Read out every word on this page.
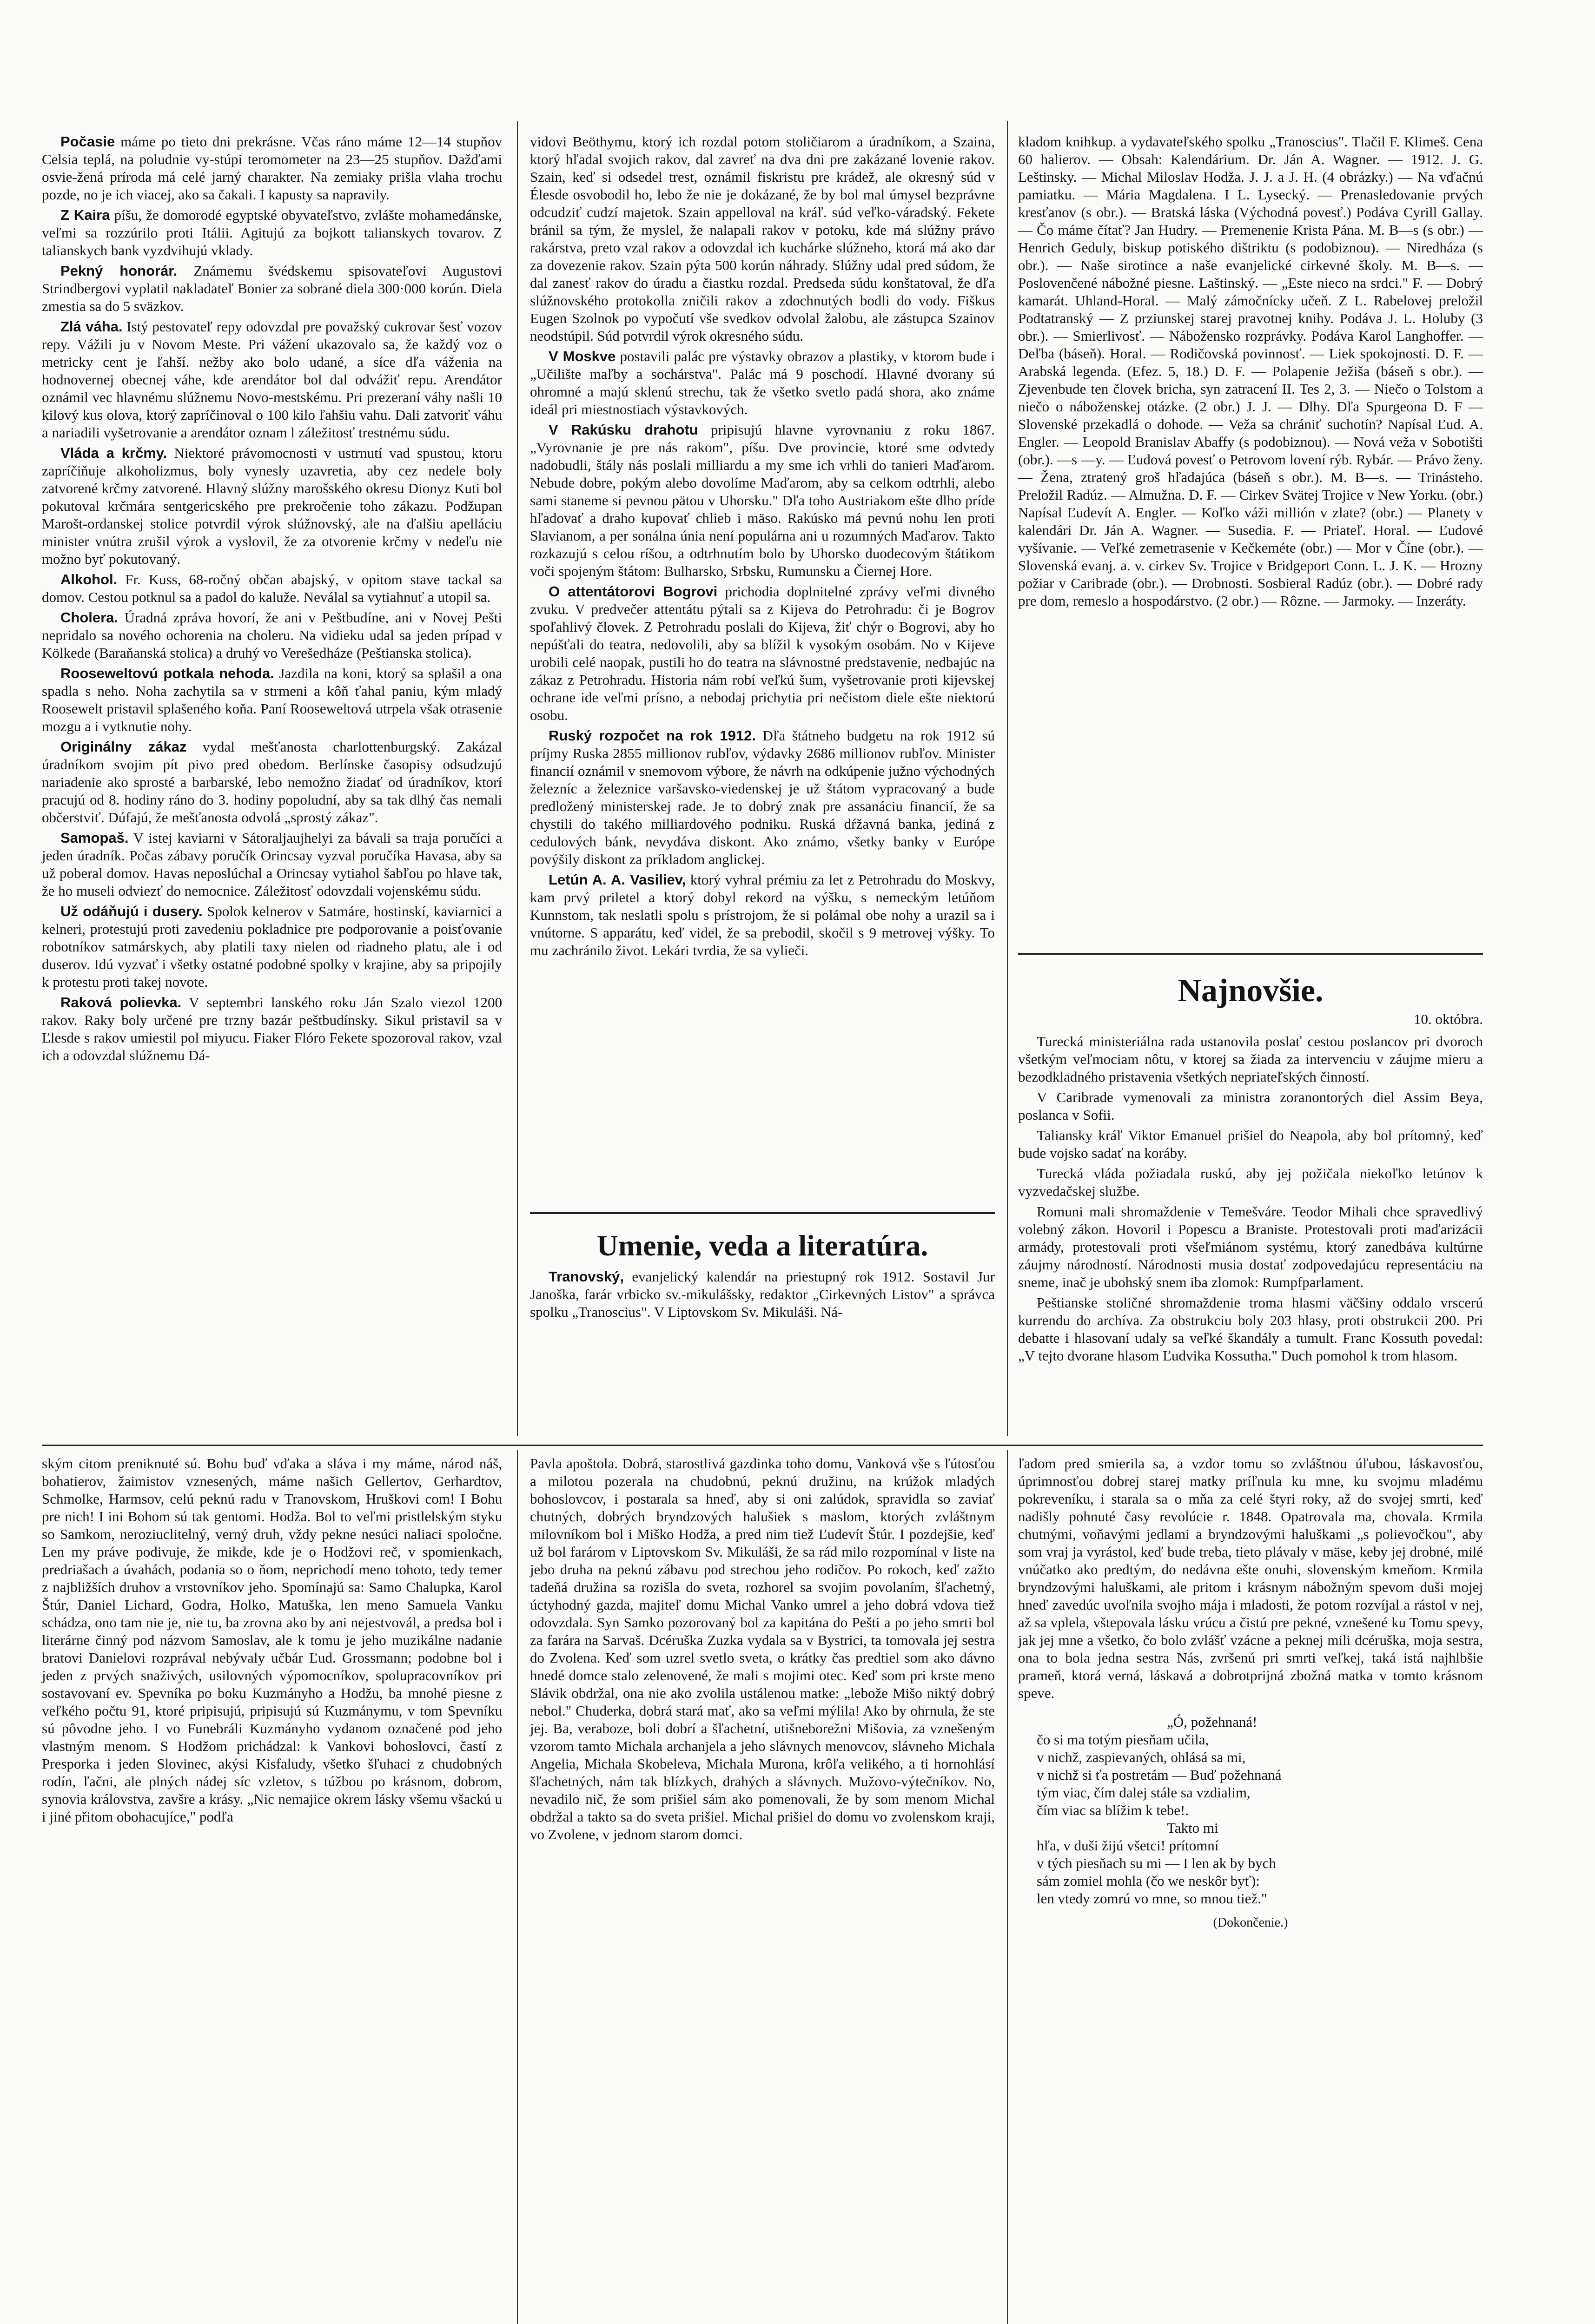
Počasie máme po tieto dni prekrásne. Včas ráno máme 12—14 stupňov Celsia teplá, na poludnie vy-stúpi teromometer na 23—25 stupňov. Dažďami osvie-žená príroda má celé jarný charakter. Na zemiaky prišla vlaha trochu pozde, no je ich viacej, ako sa čakali. I kapusty sa napravily.

Z Kaira píšu, že domorodé egyptské obyvateľstvo, zvlášte mohamedánske, veľmi sa rozzúrilo proti Itálii. Agitujú za bojkott talianskych tovarov. Z talianskych bank vyzdvihujú vklady.

Pekný honorár. Známemu švédskemu spisovateľovi Augustovi Strindbergovi vyplatil nakladateľ Bonier za sobrané diela 300·000 korún. Diela zmestia sa do 5 sväzkov.

Zlá váha. Istý pestovateľ repy odovzdal pre považský cukrovar šesť vozov repy. Vážili ju v Novom Meste. Pri vážení ukazovalo sa, že každý voz o metricky cent je ľahší. nežby ako bolo udané, a síce dľa váženia na hodnovernej obecnej váhe, kde arendátor bol dal odvážiť repu. Arendátor oznámil vec hlavnému slúžnemu Novo-mestskému. Pri prezeraní váhy našli 10 kilový kus olova, ktorý zapríčinoval o 100 kilo ľahšiu vahu. Dali zatvoriť váhu a nariadili vyšetrovanie a arendátor oznam l záležitosť trestnému súdu.

Vláda a krčmy. Niektoré právomocnosti v ustrnutí vad spustou, ktoru zapríčiňuje alkoholizmus, boly vynesly uzavretia, aby cez nedele boly zatvorené krčmy zatvorené. Hlavný slúžny marošského okresu Dionyz Kuti bol pokutoval krčmára sentgericského pre prekročenie toho zákazu. Podžupan Marošt-ordanskej stolice potvrdil výrok slúžnovský, ale na ďalšiu apelláciu minister vnútra zrušil výrok a vyslovil, že za otvorenie krčmy v nedeľu nie možno byť pokutovaný.

Alkohol. Fr. Kuss, 68-ročný občan abajský, v opitom stave tackal sa domov. Cestou potknul sa a padol do kaluže. Neválal sa vytiahnuť a utopil sa.

Cholera. Úradná zpráva hovorí, že ani v Peštbudíne, ani v Novej Pešti nepridalo sa nového ochorenia na choleru. Na vidieku udal sa jeden prípad v Kölkede (Baraňanská stolica) a druhý vo Verešedháze (Peštianska stolica).

Rooseweltovú potkala nehoda. Jazdila na koni, ktorý sa splašil a ona spadla s neho. Noha zachytila sa v strmeni a kôň ťahal paniu, kým mladý Roosewelt pristavil splašeného koňa. Paní Rooseweltová utrpela však otrasenie mozgu a i vytknutie nohy.

Originálny zákaz vydal mešťanosta charlottenburgský. Zakázal úradníkom svojim pít pivo pred obedom. Berlínske časopisy odsudzujú nariadenie ako sprosté a barbarské, lebo nemožno žiadať od úradníkov, ktorí pracujú od 8. hodiny ráno do 3. hodiny popoludní, aby sa tak dlhý čas nemali občerstviť. Dúfajú, že mešťanosta odvolá „sprostý zákaz".

Samopaš. V istej kaviarni v Sátoraljaujhelyi za bávali sa traja poručíci a jeden úradník. Počas zábavy poručík Orincsay vyzval poručíka Havasa, aby sa už poberal domov. Havas neposlúchal a Orincsay vytiahol šabľou po hlave tak, že ho museli odviezť do nemocnice. Záležitosť odovzdali vojenskému súdu.

Už odáňujú i dusery. Spolok kelnerov v Satmáre, hostinskí, kaviarnici a kelneri, protestujú proti zavedeniu pokladnice pre podporovanie a poisťovanie robotníkov satmárskych, aby platili taxy nielen od riadneho platu, ale i od duserov. Idú vyzvať i všetky ostatné podobné spolky v krajine, aby sa pripojily k protestu proti takej novote.

Raková polievka. V septembri lanského roku Ján Szalo viezol 1200 rakov. Raky boly určené pre trzny bazár peštbudínsky. Sikul pristavil sa v Ľlesde s rakov umiestil pol miyucu. Fiaker Flóro Fekete spozoroval rakov, vzal ich a odovzdal slúžnemu Dá-

vidovi Beöthymu, ktorý ich rozdal potom stoličiarom a úradníkom, a Szaina, ktorý hľadal svojich rakov, dal zavreť na dva dni pre zakázané lovenie rakov. Szain, keď si odsedel trest, oznámil fiskristu pre krádež, ale okresný súd v Élesde osvobodil ho, lebo že nie je dokázané, že by bol mal úmysel bezprávne odcudziť cudzí majetok. Szain appelloval na kráľ. súd veľko-váradský. Fekete bránil sa tým, že myslel, že nalapali rakov v potoku, kde má slúžny právo rakárstva, preto vzal rakov a odovzdal ich kuchárke slúžneho, ktorá má ako dar za dovezenie rakov. Szain pýta 500 korún náhrady. Slúžny udal pred súdom, že dal zanesť rakov do úradu a čiastku rozdal. Predseda súdu konštatoval, že dľa slúžnovského protokolla zničili rakov a zdochnutých bodli do vody. Fiškus Eugen Szolnok po vypočutí vše svedkov odvolal žalobu, ale zástupca Szainov neodstúpil. Súd potvrdil výrok okresného súdu.

V Moskve postavili palác pre výstavky obrazov a plastiky, v ktorom bude i „Učilište maľby a sochárstva". Palác má 9 poschodí. Hlavné dvorany sú ohromné a majú sklenú strechu, tak že všetko svetlo padá shora, ako známe ideál pri miestnostiach výstavkových.

V Rakúsku drahotu pripisujú hlavne vyrovnaniu z roku 1867. „Vyrovnanie je pre nás rakom", píšu. Dve provincie, ktoré sme odvtedy nadobudli, štály nás poslali milliardu a my sme ich vrhli do tanieri Maďarom. Nebude dobre, pokým alebo dovolíme Maďarom, aby sa celkom odtrhli, alebo sami staneme si pevnou pätou v Uhorsku." Dľa toho Austriakom ešte dlho príde hľadovať a draho kupovať chlieb i mäso. Rakúsko má pevnú nohu len proti Slavianom, a per sonálna únia není populárna ani u rozumných Maďarov. Takto rozkazujú s celou ríšou, a odtrhnutím bolo by Uhorsko duodecovým štátikom voči spojeným štátom: Bulharsko, Srbsku, Rumunsku a Čiernej Hore.

O attentátorovi Bogrovi prichodia doplnitelné zprávy veľmi divného zvuku. V predvečer attentátu pýtali sa z Kijeva do Petrohradu: či je Bogrov spoľahlivý človek. Z Petrohradu poslali do Kijeva, žiť chýr o Bogrovi, aby ho nepúšťali do teatra, nedovolili, aby sa blížil k vysokým osobám. No v Kijeve urobili celé naopak, pustili ho do teatra na slávnostné predstavenie, nedbajúc na zákaz z Petrohradu. Historia nám robí veľkú šum, vyšetrovanie proti kijevskej ochrane ide veľmi prísno, a nebodaj prichytia pri nečistom diele ešte niektorú osobu.

Ruský rozpočet na rok 1912. Dľa štátneho budgetu na rok 1912 sú príjmy Ruska 2855 millionov rubľov, výdavky 2686 millionov rubľov. Minister financií oznámil v snemovom výbore, že návrh na odkúpenie južno východných železníc a železnice varšavsko-viedenskej je už štátom vypracovaný a bude predložený ministerskej rade. Je to dobrý znak pre assanáciu financií, že sa chystili do takého milliardového podniku. Ruská dŕžavná banka, jediná z cedulových bánk, nevydáva diskont. Ako známo, všetky banky v Európe povýšily diskont za príkladom anglickej.

Letún A. A. Vasiliev, ktorý vyhral prémiu za let z Petrohradu do Moskvy, kam prvý priletel a ktorý dobyl rekord na výšku, s nemeckým letúňom Kunnstom, tak neslatli spolu s prístrojom, že si polámal obe nohy a urazil sa i vnútorne. S apparátu, keď videl, že sa prebodil, skočil s 9 metrovej výšky. To mu zachránilo život. Lekári tvrdia, že sa vylieči.

Umenie, veda a literatúra.

Tranovský, evanjelický kalendár na priestupný rok 1912. Sostavil Jur Janoška, farár vrbicko sv.-mikulášsky, redaktor „Cirkevných Listov" a správca spolku „Tranoscius". V Liptovskom Sv. Mikuláši. Ná-

kladom knihkup. a vydavateľského spolku „Tranoscius". Tlačil F. Klimeš. Cena 60 halierov. — Obsah: Kalendárium. Dr. Ján A. Wagner. — 1912. J. G. Leštinsky. — Michal Miloslav Hodža. J. J. a J. H. (4 obrázky.) — Na vďačnú pamiatku. — Mária Magdalena. I L. Lysecký. — Prenasledovanie prvých kresťanov (s obr.). — Bratská láska (Východná povesť.) Podáva Cyrill Gallay. — Čo máme čítať? Jan Hudry. — Premenenie Krista Pána. M. B—s (s obr.) — Henrich Geduly, biskup potiského dištriktu (s podobiznou). — Niredháza (s obr.). — Naše sirotince a naše evanjelické cirkevné školy. M. B—s. — Poslovenčené nábožné piesne. Laštinský. — „Este nieco na srdci." F. — Dobrý kamarát. Uhland-Horal. — Malý zámočnícky učeň. Z L. Rabelovej preložil Podtatranský — Z prziunskej starej pravotnej knihy. Podáva J. L. Holuby (3 obr.). — Smierlivosť. — Nábožensko rozprávky. Podáva Karol Langhoffer. — Deľba (báseň). Horal. — Rodičovská povinnosť. — Liek spokojnosti. D. F. — Arabská legenda. (Efez. 5, 18.) D. F. — Polapenie Ježiša (báseň s obr.). — Zjevenbude ten človek bricha, syn zatracení II. Tes 2, 3. — Niečo o Tolstom a niečo o náboženskej otázke. (2 obr.) J. J. — Dlhy. Dľa Spurgeona D. F — Slovenské przekadlá o dohode. — Veža sa chrániť suchotín? Napísal Ľud. A. Engler. — Leopold Branislav Abaffy (s podobiznou). — Nová veža v Sobotišti (obr.). —s —y. — Ľudová povesť o Petrovom lovení rýb. Rybár. — Právo ženy. — Žena, ztratený groš hľadajúca (báseň s obr.). M. B—s. — Trinásteho. Preložil Radúz. — Almužna. D. F. — Cirkev Svätej Trojice v New Yorku. (obr.) Napísal Ľudevít A. Engler. — Koľko váži millión v zlate? (obr.) — Planety v kalendári Dr. Ján A. Wagner. — Susedia. F. — Priateľ. Horal. — Ľudové vyšívanie. — Veľké zemetrasenie v Kečkeméte (obr.) — Mor v Číne (obr.). — Slovenská evanj. a. v. cirkev Sv. Trojice v Bridgeport Conn. L. J. K. — Hrozny požiar v Caribrade (obr.). — Drobnosti. Sosbieral Radúz (obr.). — Dobré rady pre dom, remeslo a hospodárstvo. (2 obr.) — Rôzne. — Jarmoky. — Inzeráty.

Najnovšie.
10. októbra.

Turecká ministeriálna rada ustanovila poslať cestou poslancov pri dvoroch všetkým veľmociam nôtu, v ktorej sa žiada za intervenciu v záujme mieru a bezodkladného pristavenia všetkých nepriateľských činností.

V Caribrade vymenovali za ministra zoranontorých diel Assim Beya, poslanca v Sofii.

Taliansky kráľ Viktor Emanuel prišiel do Neapola, aby bol prítomný, keď bude vojsko sadať na koráby.

Turecká vláda požiadala ruskú, aby jej požičala niekoľko letúnov k vyzvedačskej službe.

Romuni mali shromaždenie v Temešváre. Teodor Mihali chce spravedlivý volebný zákon. Hovoril i Popescu a Braniste. Protestovali proti maďarizácii armády, protestovali proti všeľmiánom systému, ktorý zanedbáva kultúrne záujmy národností. Národnosti musia dostať zodpovedajúcu representáciu na sneme, inač je ubohský snem iba zlomok: Rumpfparlament.

Peštianske stoličné shromaždenie troma hlasmi väčšiny oddalo vrscerú kurrendu do archíva. Za obstrukciu boly 203 hlasy, proti obstrukcii 200. Pri debatte i hlasovaní udaly sa veľké škandály a tumult. Franc Kossuth povedal: „V tejto dvorane hlasom Ľudvika Kossutha." Duch pomohol k trom hlasom.

ským citom preniknuté sú. Bohu buď vďaka a sláva i my máme, národ náš, bohatierov, žaimistov vznesených, máme našich Gellertov, Gerhardtov, Schmolke, Harmsov, celú peknú radu v Tranovskom, Hruškovi com! I Bohu pre nich! I ini Bohom sú tak gentomi. Hodža. Bol to veľmi pristlelským styku so Samkom, neroziuclitelný, verný druh, vždy pekne nesúci naliaci spoločne. Len my práve podivuje, že mikde, kde je o Hodžovi reč, v spomienkach, predriašach a úvahách, podania so o ňom, neprichodí meno tohoto, tedy temer z najbližších druhov a vrstovníkov jeho. Spomínajú sa: Samo Chalupka, Karol Štúr, Daniel Lichard, Godra, Holko, Matuška, len meno Samuela Vanku schádza, ono tam nie je, nie tu, ba zrovna ako by ani nejestvovál, a predsa bol i literárne činný pod názvom Samoslav, ale k tomu je jeho muzikálne nadanie bratovi Danielovi rozprával nebývaly učbár Ľud. Grossmann; podobne bol i jeden z prvých snaživých, usilovných výpomocníkov, spolupracovníkov pri sostavovaní ev. Spevníka po boku Kuzmányho a Hodžu, ba mnohé piesne z veľkého počtu 91, ktoré pripisujú, pripisujú sú Kuzmánymu, v tom Spevníku sú pôvodne jeho. I vo Funebráli Kuzmányho vydanom označené pod jeho vlastným menom. S Hodžom prichádzal: k Vankovi bohoslovci, častí z Presporka i jeden Slovinec, akýsi Kisfaludy, všetko šľuhaci z chudobných rodín, ľačni, ale plných nádej síc vzletov, s túžbou po krásnom, dobrom, synovia královstva, zavšre a krásy. „Nic nemajice okrem lásky všemu všackú u i jiné přitom obohacujíce," podľa

Pavla apoštola. Dobrá, starostlivá gazdinka toho domu, Vanková vše s ľútosťou a milotou pozerala na chudobnú, peknú družinu, na krúžok mladých bohoslovcov, i postarala sa hneď, aby si oni zalúdok, spravidla so zaviať chutných, dobrých bryndzových halušiek s maslom, ktorých zvláštnym milovníkom bol i Miško Hodža, a pred nim tiež Ľudevít Štúr. I pozdejšie, keď už bol farárom v Liptovskom Sv. Mikuláši, že sa rád milo rozpomínal v liste na jebo druha na peknú zábavu pod strechou jeho rodičov. Po rokoch, keď zažto tadeňá družina sa rozišla do sveta, rozhorel sa svojim povolaním, šľachetný, úctyhodný gazda, majiteľ domu Michal Vanko umrel a jeho dobrá vdova tiež odovzdala. Syn Samko pozorovaný bol za kapitána do Pešti a po jeho smrti bol za farára na Sarvaš. Dcéruška Zuzka vydala sa v Bystrici, ta tomovala jej sestra do Zvolena. Keď som uzrel svetlo sveta, o krátky čas predtiel som ako dávno hnedé domce stalo zelenovené, že mali s mojimi otec. Keď som pri krste meno Slávik obdržal, ona nie ako zvolila ustálenou matke: „lebože Mišo niktý dobrý nebol." Chuderka, dobrá stará mať, ako sa veľmi mýlila! Ako by ohrnula, že ste jej. Ba, veraboze, boli dobrí a šľachetní, utišneborežni Mišovia, za vznešeným vzorom tamto Michala archanjela a jeho slávnych menovcov, slávneho Michala Angelia, Michala Skobeleva, Michala Murona, krôľa velikého, a ti hornohlásí šľachetných, nám tak blízkych, drahých a slávnych. Mužovo-výtečníkov. No, nevadilo nič, že som prišiel sám ako pomenovali, že by som menom Michal obdržal a takto sa do sveta prišiel. Michal prišiel do domu vo zvolenskom kraji, vo Zvolene, v jednom starom domci.

ľadom pred smierila sa, a vzdor tomu so zvláštnou úľubou, láskavosťou, úprimnosťou dobrej starej matky príľnula ku mne, ku svojmu mladému pokreveníku, i starala sa o mňa za celé štyri roky, až do svojej smrti, keď nadišly pohnuté časy revolúcie r. 1848. Opatrovala ma, chovala. Krmila chutnými, voňavými jedlami a bryndzovými haluškami „s polievočkou", aby som vraj ja vyrástol, keď bude treba, tieto plávaly v mäse, keby jej drobné, milé vnúčatko ako predtým, do nedávna ešte onuhi, slovenským kmeňom. Krmila bryndzovými haluškami, ale pritom i krásnym nábožným spevom duši mojej hneď zavedúc uvoľnila svojho mája i mladosti, že potom rozvíjal a rástol v nej, až sa vplela, vštepovala lásku vrúcu a čistú pre pekné, vznešené ku Tomu spevy, jak jej mne a všetko, čo bolo zvlášť vzácne a peknej mili dcéruška, moja sestra, ona to bola jedna sestra Nás, zvršenú pri smrti veľkej, taká istá najhlbšie prameň, ktorá verná, láskavá a dobrotprijná zbožná matka v tomto krásnom speve.

„Ó, požehnaná!
čo si ma totým piesňam učila,
v nichž, zaspievaných, ohlásá sa mi,
v nichž si ťa postretám — Buď požehnaná
tým viac, čím dalej stále sa vzdialim,
čím viac sa blížim k tebe!.
Takto mi
hľa, v duši žijú všetci! prítomní
v tých piesňach su mi — I len ak by bych
sám zomiel mohla (čo we neskôr byť):
len vtedy zomrú vo mne, so mnou tiež."
(Dokončenie.)
